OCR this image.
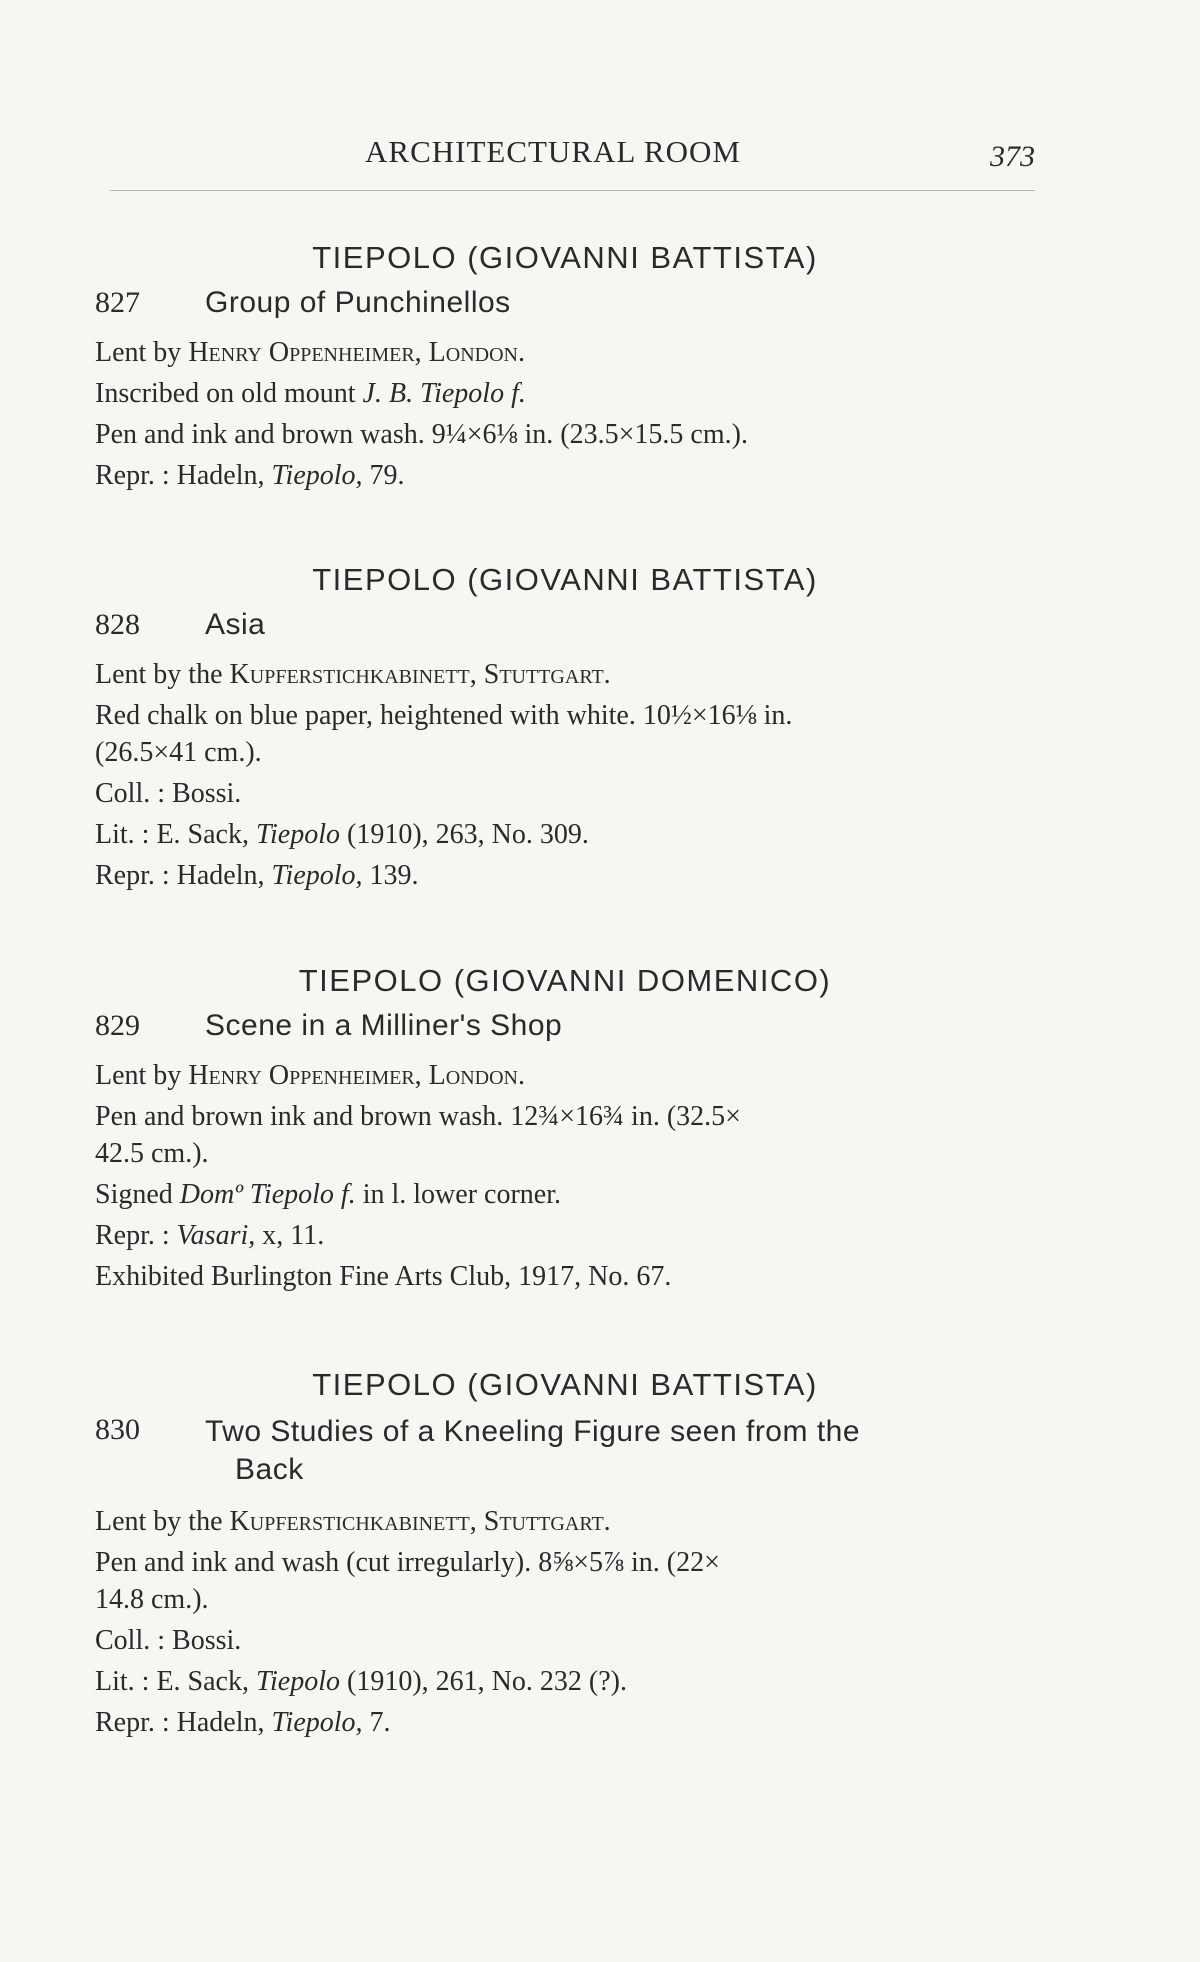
ARCHITECTURAL ROOM	373
TIEPOLO (GIOVANNI BATTISTA)
827	Group of Punchinellos

Lent by Henry Oppenheimer, London.

Inscribed on old mount J. B. Tiepolo f.

Pen and ink and brown wash. 9¼×6⅛ in. (23.5×15.5 cm.).

Repr. : Hadeln, Tiepolo, 79.

TIEPOLO (GIOVANNI BATTISTA)
828	Asia

Lent by the Kupferstichkabinett, Stuttgart.

Red chalk on blue paper, heightened with white. 10½×16⅛ in.

(26.5×41 cm.).

Coll. : Bossi.

Lit. : E. Sack, Tiepolo (1910), 263, No. 309.

Repr. : Hadeln, Tiepolo, 139.

TIEPOLO (GIOVANNI DOMENICO)
829	Scene in a Milliner's Shop

Lent by Henry Oppenheimer, London.

Pen and brown ink and brown wash. 12¾×16¾ in. (32.5×

42.5 cm.).

Signed Domº Tiepolo f. in l. lower corner.

Repr. : Vasari, x, 11.

Exhibited Burlington Fine Arts Club, 1917, No. 67.

TIEPOLO (GIOVANNI BATTISTA)
830	Two Studies of a Kneeling Figure seen from the
Back

Lent by the Kupferstichkabinett, Stuttgart.

Pen and ink and wash (cut irregularly). 8⅝×5⅞ in. (22×

14.8 cm.).

Coll. : Bossi.

Lit. : E. Sack, Tiepolo (1910), 261, No. 232 (?).

Repr. : Hadeln, Tiepolo, 7.
